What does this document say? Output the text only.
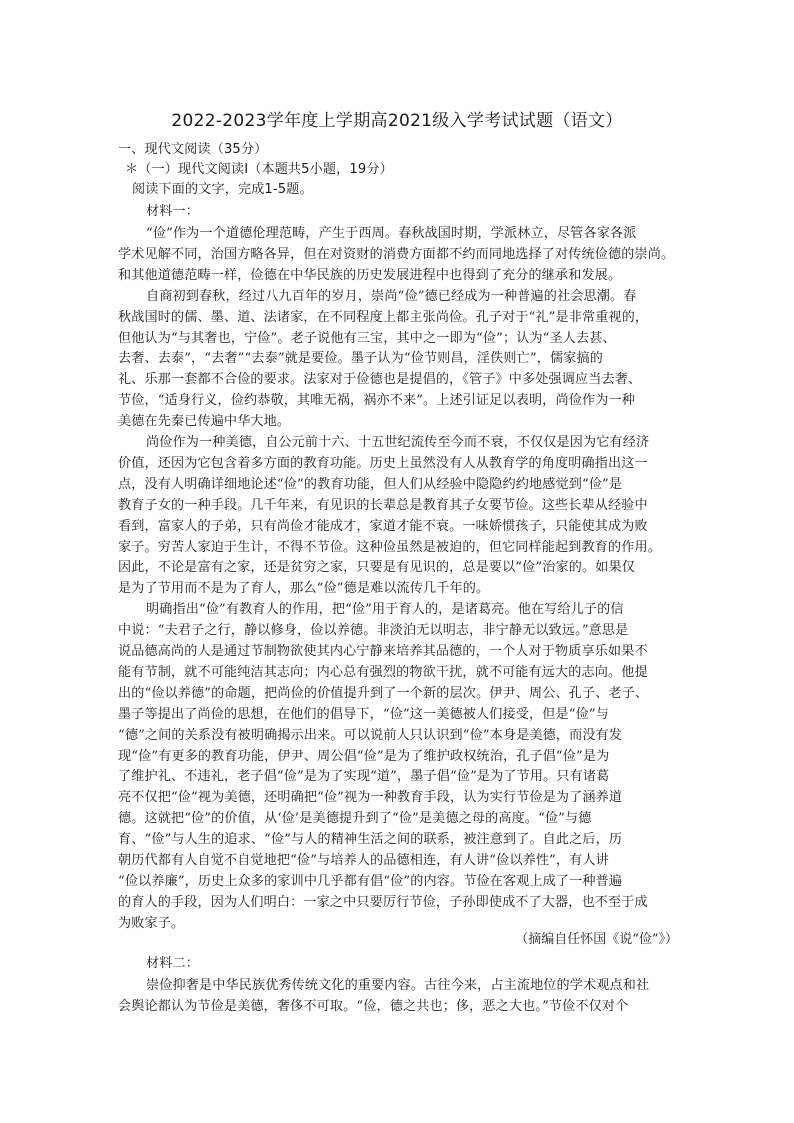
2022-2023学年度上学期高2021级入学考试试题（语文）
一、现代文阅读（35分）
＊（一）现代文阅读Ⅰ（本题共5小题，19分）
阅读下面的文字，完成1-5题。
材料一：
“俭”作为一个道德伦理范畴，产生于西周。春秋战国时期，学派林立，尽管各家各派
学术见解不同，治国方略各异，但在对资财的消费方面都不约而同地选择了对传统俭德的崇尚。
和其他道德范畴一样，俭德在中华民族的历史发展进程中也得到了充分的继承和发展。
自商初到春秋，经过八九百年的岁月，崇尚“俭”德已经成为一种普遍的社会思潮。春
秋战国时的儒、墨、道、法诸家，在不同程度上都主张尚俭。孔子对于“礼”是非常重视的，
但他认为“与其奢也，宁俭”。老子说他有三宝，其中之一即为“俭”；认为“圣人去甚、
去奢、去泰”，“去奢”“去泰”就是要俭。墨子认为“俭节则昌，淫佚则亡”，儒家搞的
礼、乐那一套都不合俭的要求。法家对于俭德也是提倡的，《管子》中多处强调应当去奢、
节俭，“适身行义，俭约恭敬，其唯无祸，祸亦不来”。上述引证足以表明，尚俭作为一种
美德在先秦已传遍中华大地。
尚俭作为一种美德，自公元前十六、十五世纪流传至今而不衰，不仅仅是因为它有经济
价值，还因为它包含着多方面的教育功能。历史上虽然没有人从教育学的角度明确指出这一
点，没有人明确详细地论述“俭”的教育功能，但人们从经验中隐隐约约地感觉到“俭”是
教育子女的一种手段。几千年来，有见识的长辈总是教育其子女要节俭。这些长辈从经验中
看到，富家人的子弟，只有尚俭才能成才，家道才能不衰。一味娇惯孩子，只能使其成为败
家子。穷苦人家迫于生计，不得不节俭。这种俭虽然是被迫的，但它同样能起到教育的作用。
因此，不论是富有之家，还是贫穷之家，只要是有见识的，总是要以“俭”治家的。如果仅
是为了节用而不是为了育人，那么“俭”德是难以流传几千年的。
明确指出“俭”有教育人的作用，把“俭”用于育人的，是诸葛亮。他在写给儿子的信
中说：“夫君子之行，静以修身，俭以养德。非淡泊无以明志，非宁静无以致远。”意思是
说品德高尚的人是通过节制物欲使其内心宁静来培养其品德的，一个人对于物质享乐如果不
能有节制，就不可能纯洁其志向；内心总有强烈的物欲干扰，就不可能有远大的志向。他提
出的“俭以养德”的命题，把尚俭的价值提升到了一个新的层次。伊尹、周公、孔子、老子、
墨子等提出了尚俭的思想，在他们的倡导下，“俭”这一美德被人们接受，但是“俭”与
“德”之间的关系没有被明确揭示出来。可以说前人只认识到“俭”本身是美德，而没有发
现“俭”有更多的教育功能，伊尹、周公倡“俭”是为了维护政权统治，孔子倡“俭”是为
了维护礼、不违礼，老子倡“俭”是为了实现“道”，墨子倡“俭”是为了节用。只有诸葛
亮不仅把“俭”视为美德，还明确把“俭”视为一种教育手段，认为实行节俭是为了涵养道
德。这就把“俭”的价值，从‘俭’是美德提升到了“俭”是美德之母的高度。“俭”与德
育、“俭”与人生的追求、“俭”与人的精神生活之间的联系，被注意到了。自此之后，历
朝历代都有人自觉不自觉地把“俭”与培养人的品德相连，有人讲“俭以养性”，有人讲
“俭以养廉”，历史上众多的家训中几乎都有倡“俭”的内容。节俭在客观上成了一种普遍
的育人的手段，因为人们明白：一家之中只要厉行节俭，子孙即使成不了大器，也不至于成
为败家子。
（摘编自任怀国《说“俭”》）
材料二：
崇俭抑奢是中华民族优秀传统文化的重要内容。古往今来，占主流地位的学术观点和社
会舆论都认为节俭是美德，奢侈不可取。“俭，德之共也；侈，恶之大也。”节俭不仅对个
